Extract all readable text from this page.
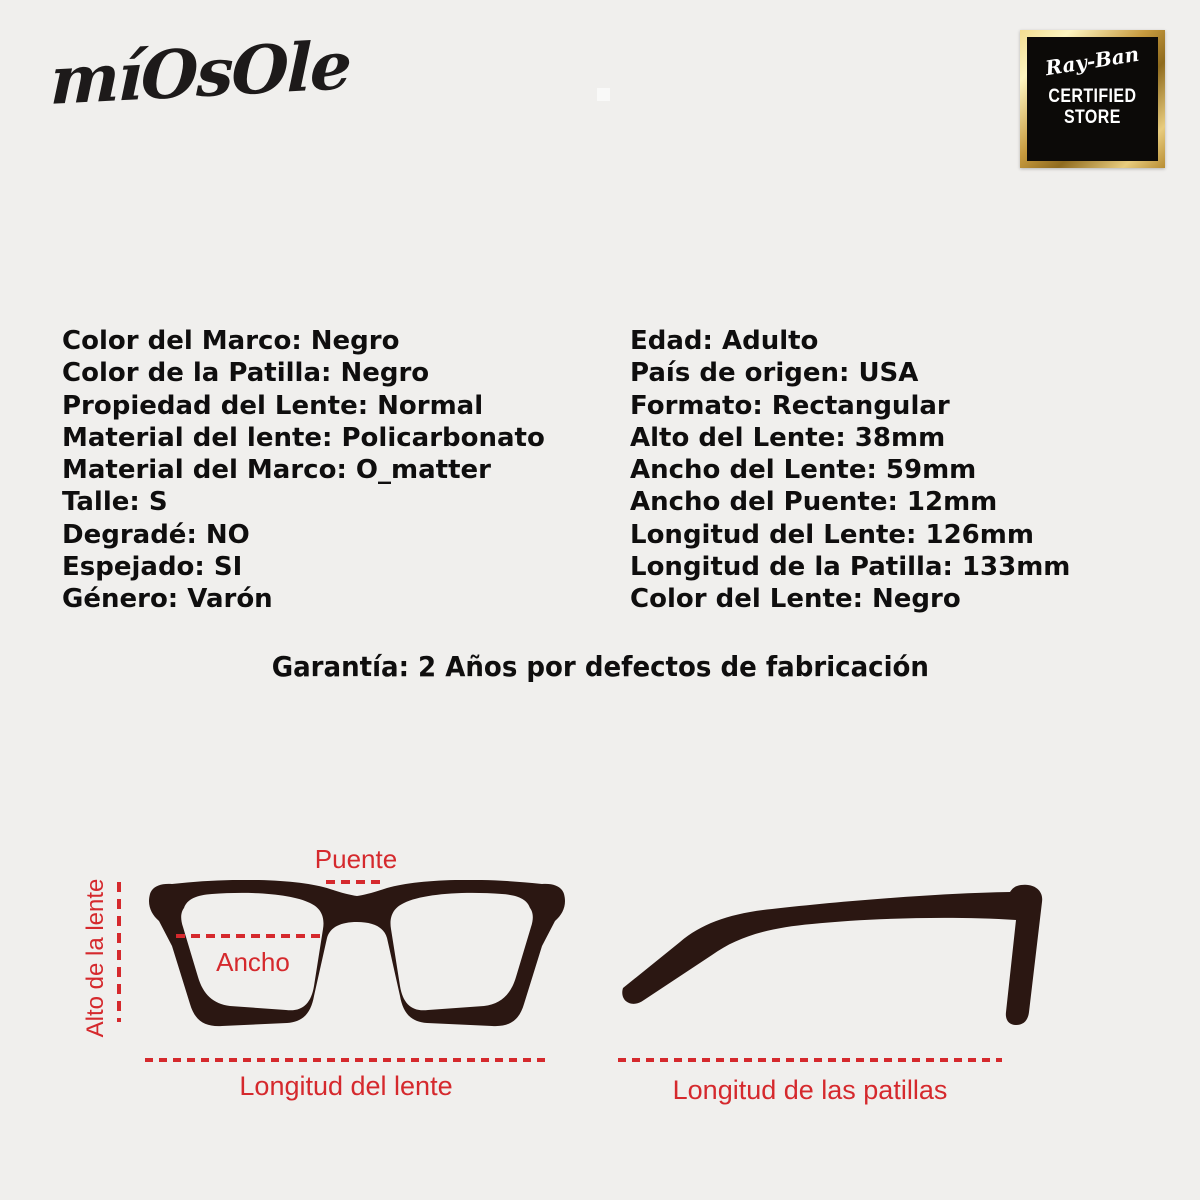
míOsOle	Ray-Ban
CERTIFIED
STORE
Color del Marco: Negro
Color de la Patilla: Negro
Propiedad del Lente: Normal
Material del lente: Policarbonato
Material del Marco: O_matter
Talle: S
Degradé: NO
Espejado: SI
Género: Varón
Edad: Adulto
País de origen: USA
Formato: Rectangular
Alto del Lente: 38mm
Ancho del Lente: 59mm
Ancho del Puente: 12mm
Longitud del Lente: 126mm
Longitud de la Patilla: 133mm
Color del Lente: Negro
Garantía: 2 Años por defectos de fabricación
Puente
Alto de la lente	Ancho
Longitud del lente	Longitud de las patillas
